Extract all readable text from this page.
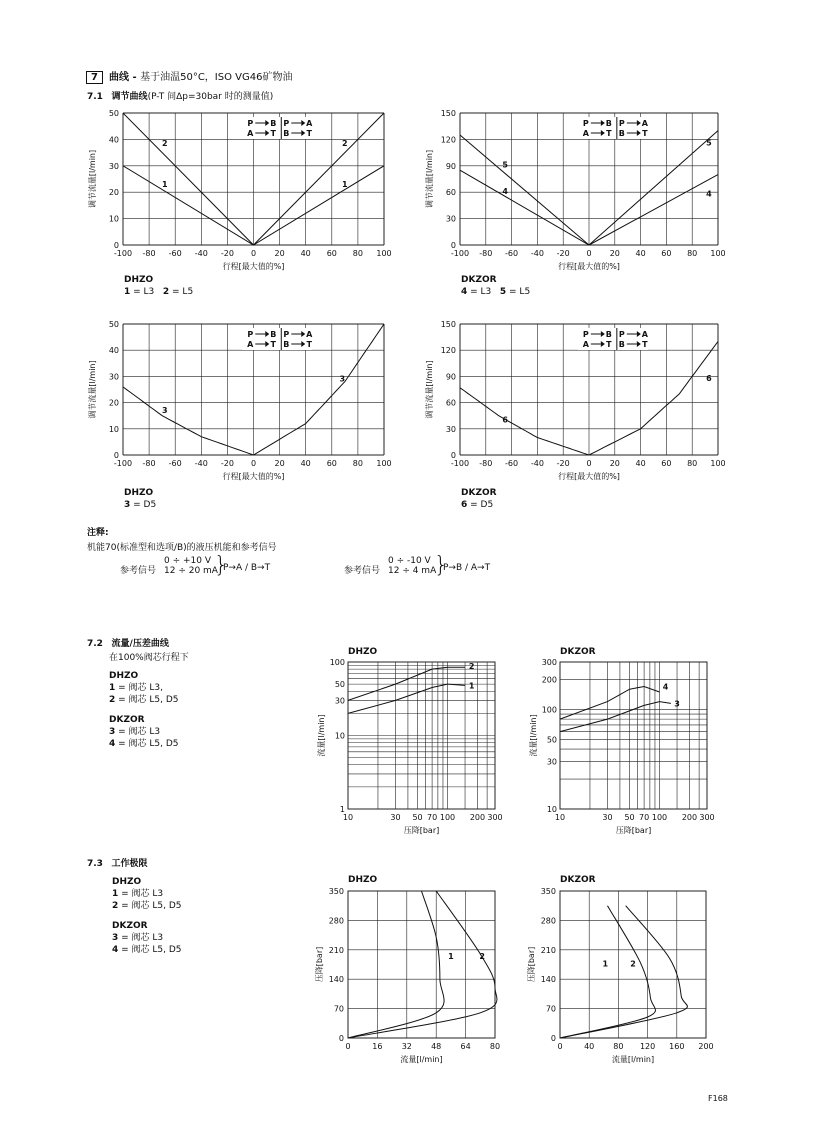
7 曲线 - 基于油温50°C，ISO VG46矿物油
7.1 调节曲线(P-T 间Δp=30bar 时的测量值)
DHZO
1 = L3 2 = L5
DKZOR
4 = L3 5 = L5
DHZO
3 = D5
DKZOR
6 = D5
注释:
机能70(标准型和选项/B)的液压机能和参考信号
参考信号
0 ÷ +10 V
12 ÷ 20 mA
}
P→A / B→T	参考信号
0 ÷ -10 V
12 ÷ 4 mA
}
P→B / A→T
7.2 流量/压差曲线
在100%阀芯行程下
DHZO
1 = 阀芯 L3,
2 = 阀芯 L5, D5
DKZOR
3 = 阀芯 L3
4 = 阀芯 L5, D5
DHZO	DKZOR
7.3 工作极限
DHZO
1 = 阀芯 L3
2 = 阀芯 L5, D5
DKZOR
3 = 阀芯 L3
4 = 阀芯 L5, D5
DHZO	DKZOR
F168
-100 -80 -60 -40 -20 0 20 40 60 80 100
0
10
20
30
40
50
行程[最大值的%]
调节流量[l/min]
P B P A
A T B T
2
1
2
1
-100 -80 -60 -40 -20 0 20 40 60 80 100
0
30
60
90
120
150
行程[最大值的%]
调节流量[l/min]
P B P A
A T B T
5
4
5
4
-100 -80 -60 -40 -20 0 20 40 60 80 100
0
10
20
30
40
50
行程[最大值的%]
调节流量[l/min]
P B P A
A T B T
3
3
-100 -80 -60 -40 -20 0 20 40 60 80 100
0
30
60
90
120
150
行程[最大值的%]
调节流量[l/min]
P B P A
A T B T
6
6
10	30 50 70 100 200 300
1
10
30
50
100
压降[bar]
流量[l/min]
2
1
10	30 50 70 100 200 300
10
30
50
100
200
300
压降[bar]
流量[l/min]
4
3
0	16 32 48 64 80
0
70
140
210
280
350
流量[l/min]
压降[bar]	1	2
0	40 80 120 160 200
0
70
140
210
280
350
流量[l/min]
压降[bar]	1	2
